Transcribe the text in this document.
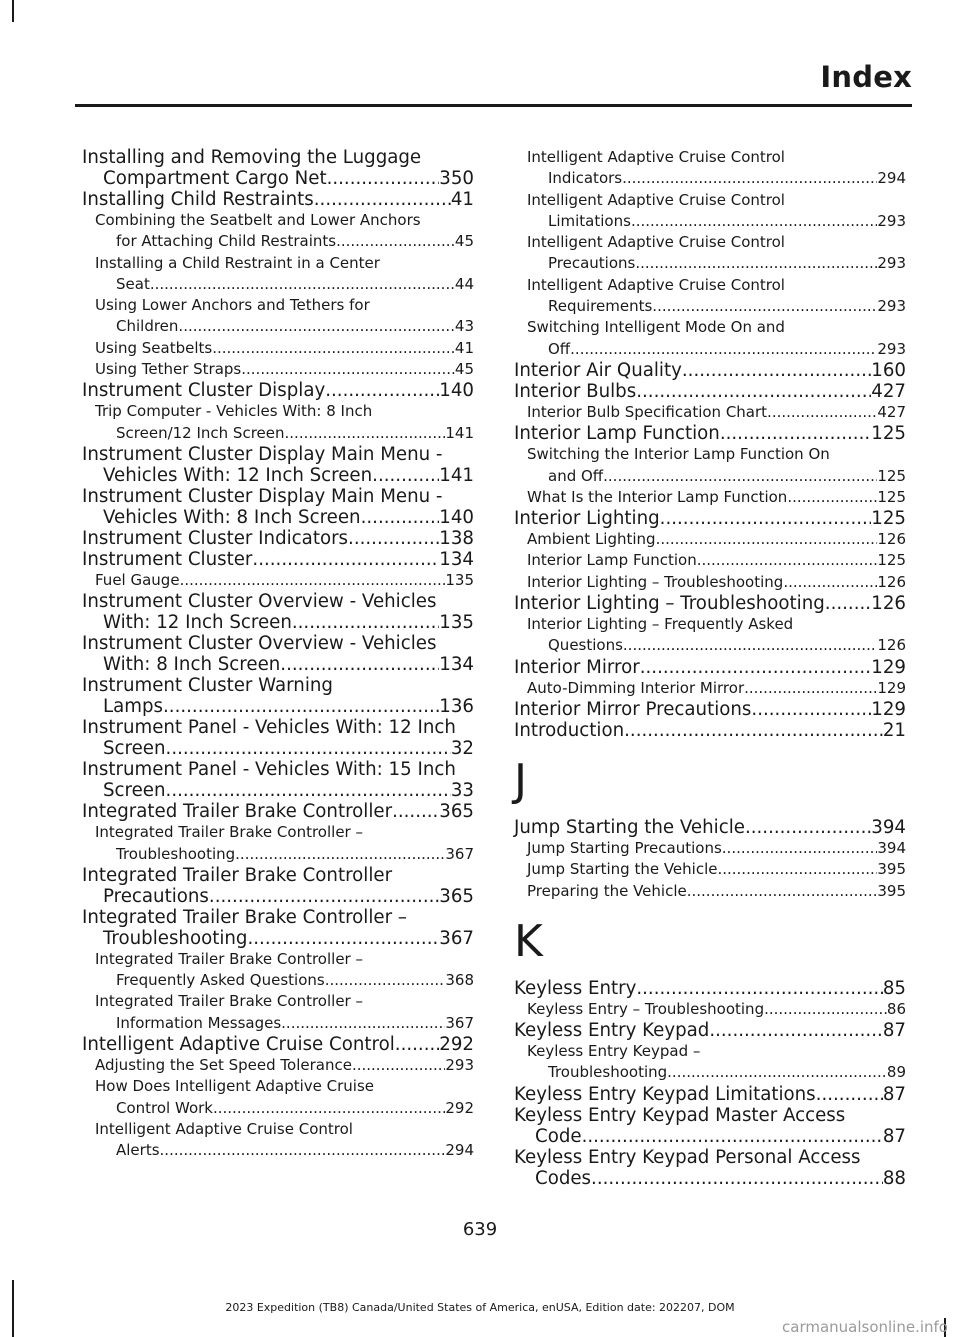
Index
Installing and Removing the Luggage
Compartment Cargo Net .....	350
Installing Child Restraints .....	41
Combining the Seatbelt and Lower Anchors
for Attaching Child Restraints .....	45
Installing a Child Restraint in a Center
Seat .....	44
Using Lower Anchors and Tethers for
Children .....	43
Using Seatbelts .....	41
Using Tether Straps .....	45
Instrument Cluster Display .....	140
Trip Computer - Vehicles With: 8 Inch
Screen/12 Inch Screen .....	141
Instrument Cluster Display Main Menu -
Vehicles With: 12 Inch Screen .....	141
Instrument Cluster Display Main Menu -
Vehicles With: 8 Inch Screen .....	140
Instrument Cluster Indicators .....	138
Instrument Cluster .....	134
Fuel Gauge .....	135
Instrument Cluster Overview - Vehicles
With: 12 Inch Screen .....	135
Instrument Cluster Overview - Vehicles
With: 8 Inch Screen .....	134
Instrument Cluster Warning
Lamps .....	136
Instrument Panel - Vehicles With: 12 Inch
Screen .....	32
Instrument Panel - Vehicles With: 15 Inch
Screen .....	33
Integrated Trailer Brake Controller .....	365
Integrated Trailer Brake Controller –
Troubleshooting .....	367
Integrated Trailer Brake Controller
Precautions .....	365
Integrated Trailer Brake Controller –
Troubleshooting .....	367
Integrated Trailer Brake Controller –
Frequently Asked Questions .....	368
Integrated Trailer Brake Controller –
Information Messages .....	367
Intelligent Adaptive Cruise Control ..... 292
Adjusting the Set Speed Tolerance .....	293
How Does Intelligent Adaptive Cruise
Control Work .....	292
Intelligent Adaptive Cruise Control
Alerts .....	294
Intelligent Adaptive Cruise Control
Indicators .....	294
Intelligent Adaptive Cruise Control
Limitations .....	293
Intelligent Adaptive Cruise Control
Precautions .....	293
Intelligent Adaptive Cruise Control
Requirements .....	293
Switching Intelligent Mode On and
Off .....	293
Interior Air Quality .....	160
Interior Bulbs .....	427
Interior Bulb Specification Chart .....	427
Interior Lamp Function .....	125
Switching the Interior Lamp Function On
and Off .....	125
What Is the Interior Lamp Function .....	125
Interior Lighting .....	125
Ambient Lighting .....	126
Interior Lamp Function .....	125
Interior Lighting – Troubleshooting .....	126
Interior Lighting – Troubleshooting .....	126
Interior Lighting – Frequently Asked
Questions .....	126
Interior Mirror .....	129
Auto-Dimming Interior Mirror .....	129
Interior Mirror Precautions .....	129
Introduction .....	21
J
Jump Starting the Vehicle .....	394
Jump Starting Precautions .....	394
Jump Starting the Vehicle .....	395
Preparing the Vehicle .....	395
K
Keyless Entry .....	85
Keyless Entry – Troubleshooting .....	86
Keyless Entry Keypad .....	87
Keyless Entry Keypad –
Troubleshooting .....	89
Keyless Entry Keypad Limitations .....	87
Keyless Entry Keypad Master Access
Code .....	87
Keyless Entry Keypad Personal Access
Codes .....	88
639
2023 Expedition (TB8) Canada/United States of America, enUSA, Edition date: 202207, DOM
carmanualsonline.info
